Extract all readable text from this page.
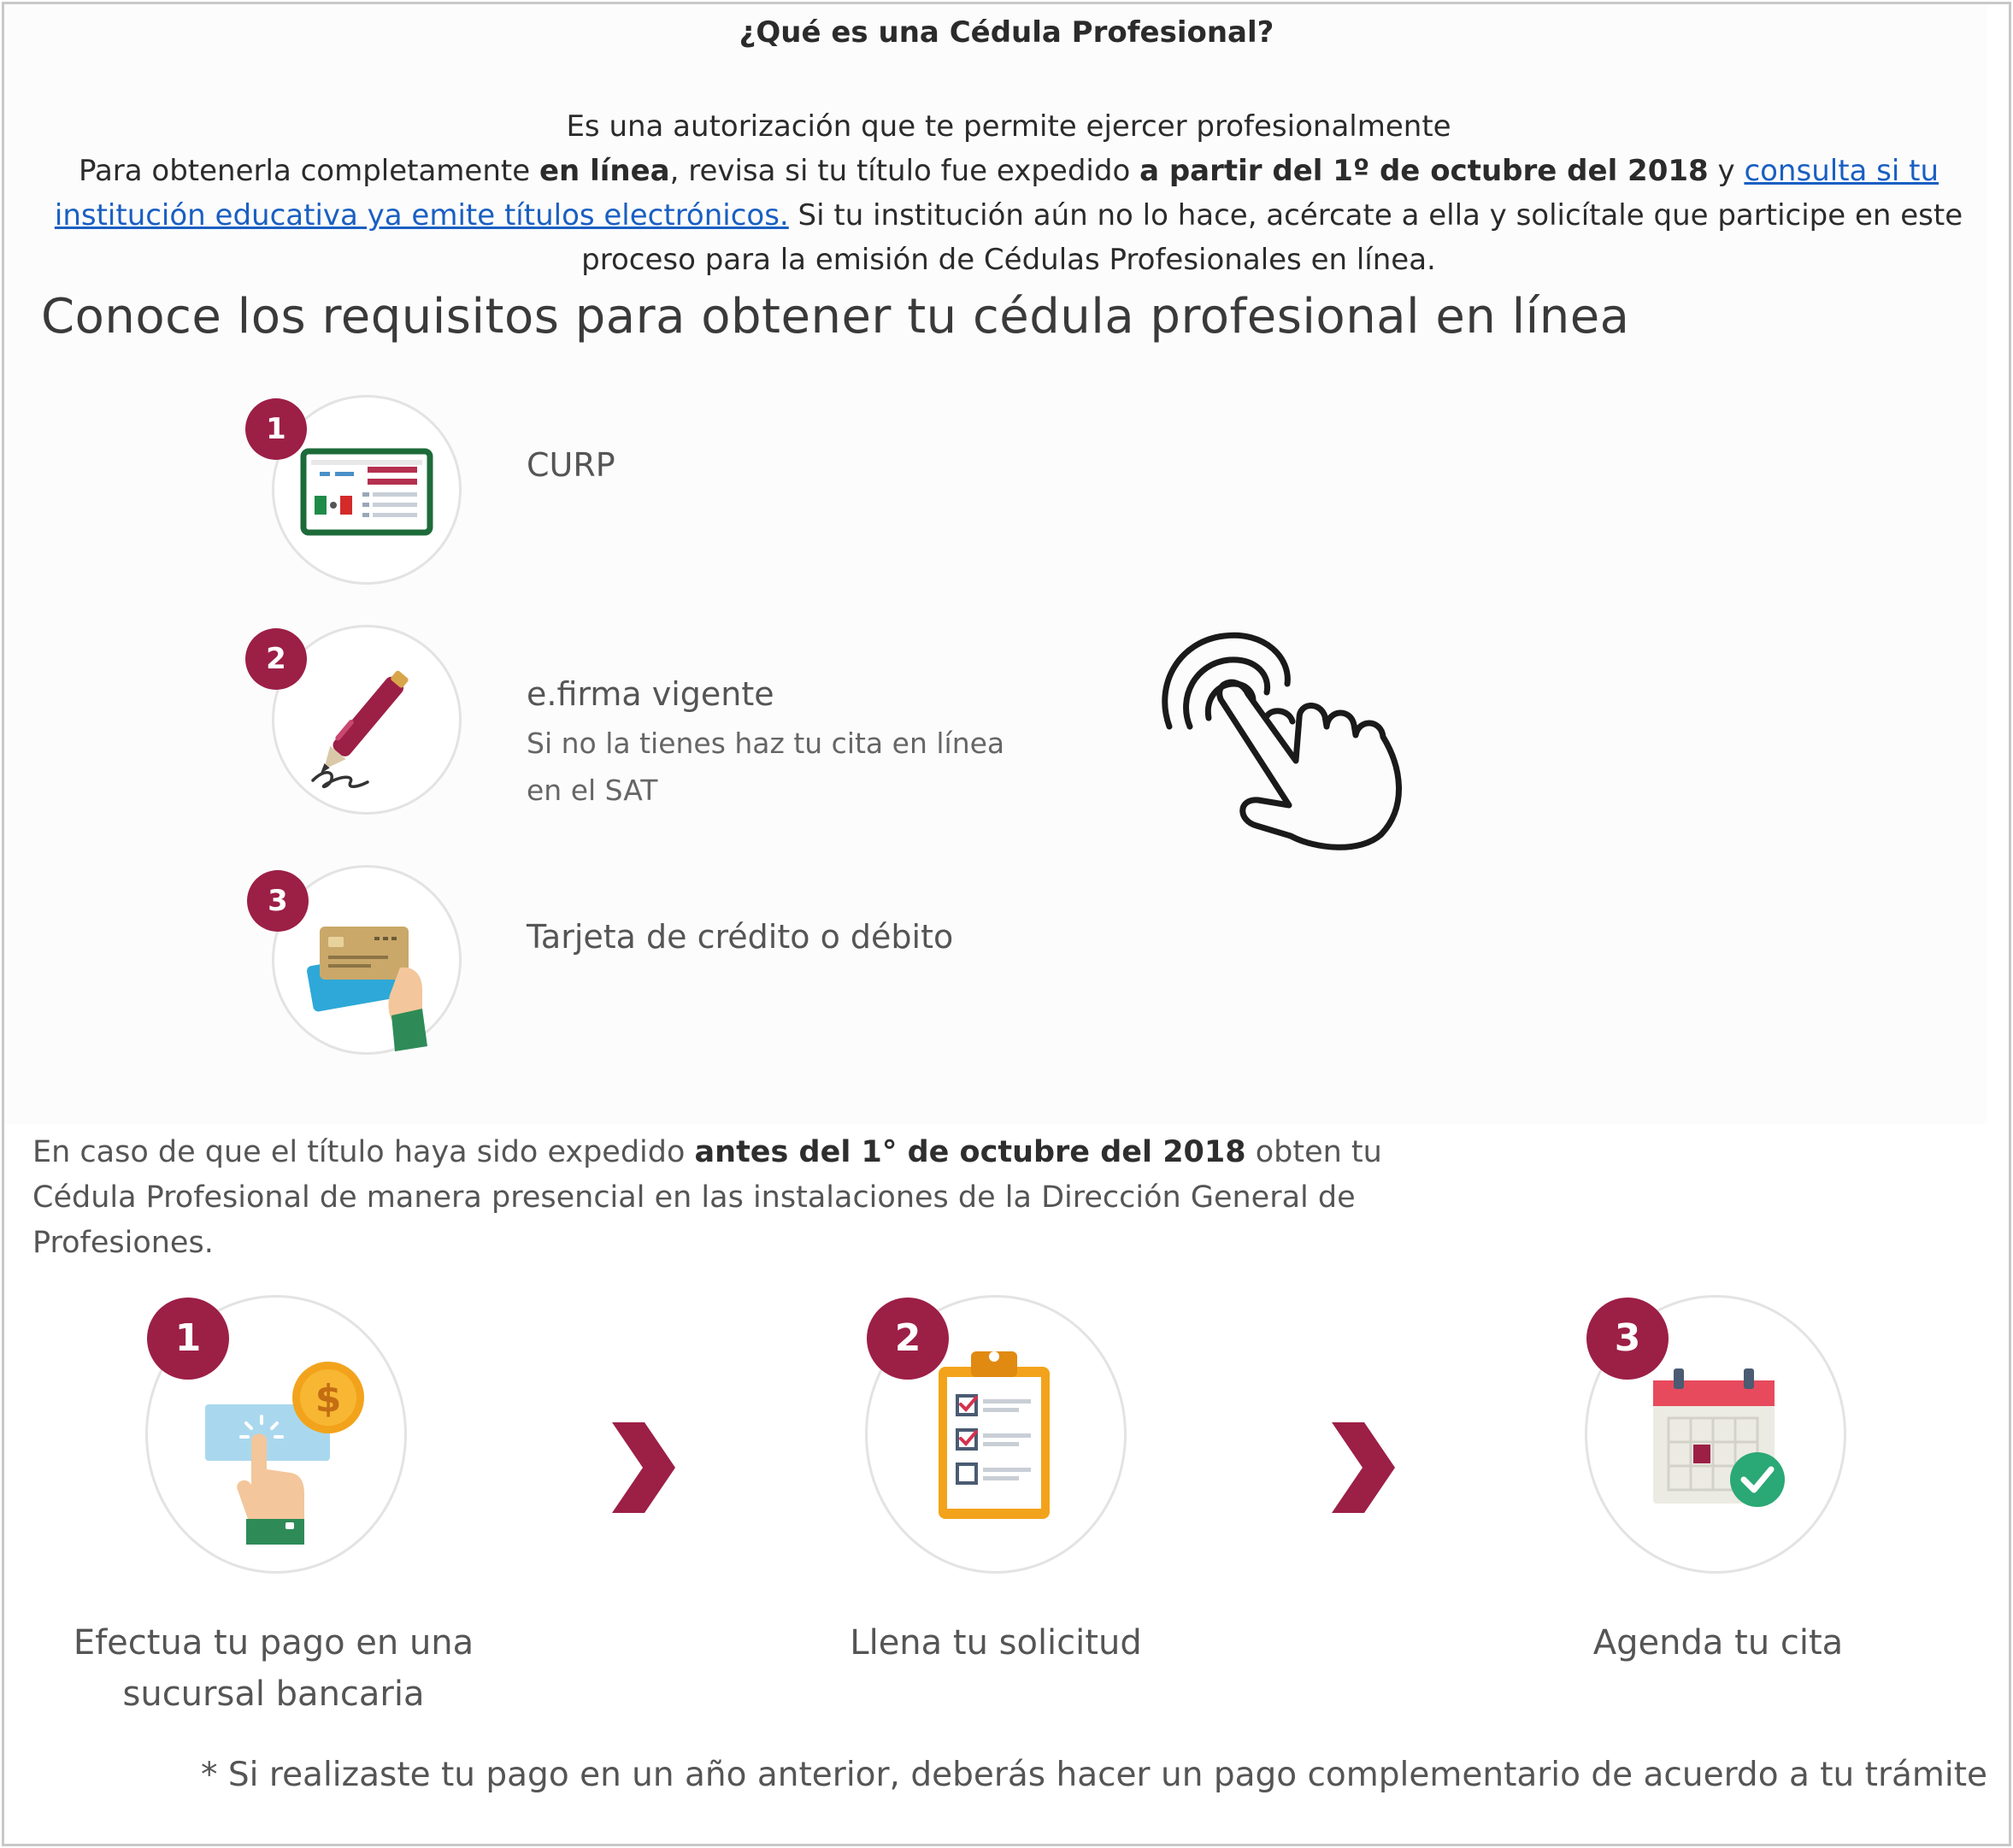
¿Qué es una Cédula Profesional?
Es una autorización que te permite ejercer profesionalmente
Para obtenerla completamente en línea, revisa si tu título fue expedido a partir del 1º de octubre del 2018 y consulta si tu institución educativa ya emite títulos electrónicos. Si tu institución aún no lo hace, acércate a ella y solicítale que participe en este proceso para la emisión de Cédulas Profesionales en línea.
Conoce los requisitos para obtener tu cédula profesional en línea
1
CURP
2
e.firma vigente
Si no la tienes haz tu cita en línea
en el SAT
3
Tarjeta de crédito o débito
En caso de que el título haya sido expedido antes del 1° de octubre del 2018 obten tu Cédula Profesional de manera presencial en las instalaciones de la Dirección General de Profesiones.
$
1
Efectua tu pago en una
sucursal bancaria
2
Llena tu solicitud
3
Agenda tu cita
* Si realizaste tu pago en un año anterior, deberás hacer un pago complementario de acuerdo a tu trámite
